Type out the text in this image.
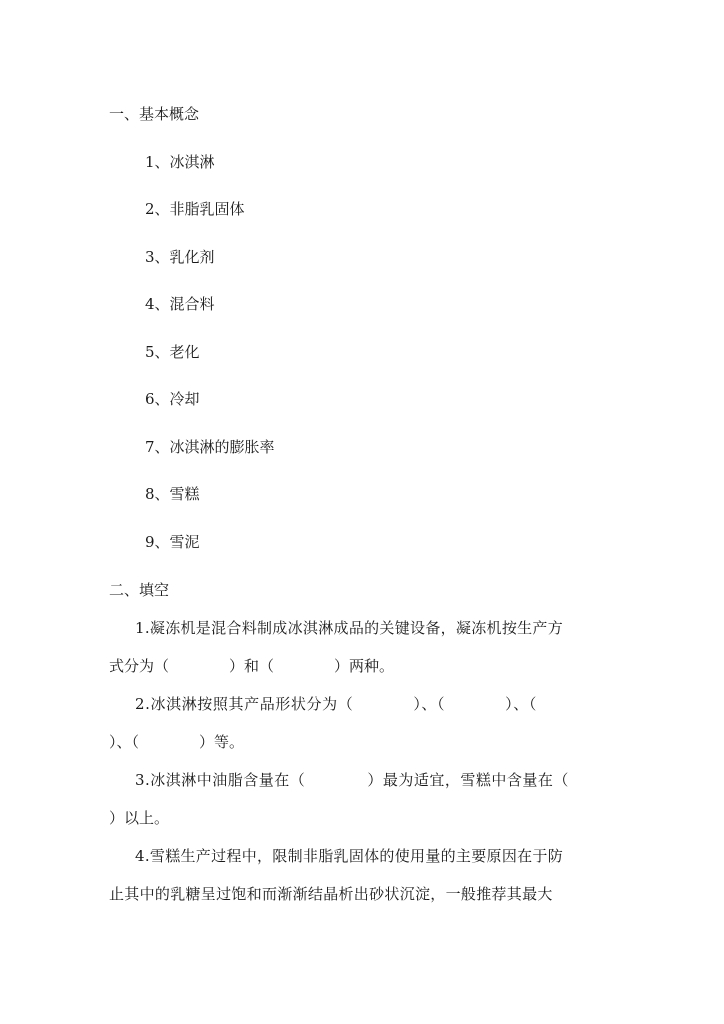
一、基本概念
1、冰淇淋
2、非脂乳固体
3、乳化剂
4、混合料
5、老化
6、冷却
7、冰淇淋的膨胀率
8、雪糕
9、雪泥
二、填空
1.凝冻机是混合料制成冰淇淋成品的关键设备，凝冻机按生产方
式分为（	）和（	）两种。
2.冰淇淋按照其产品形状分为（	）、（	）、（
）、（	）等。
3.冰淇淋中油脂含量在（	）最为适宜，雪糕中含量在（
）以上。
4.雪糕生产过程中，限制非脂乳固体的使用量的主要原因在于防
止其中的乳糖呈过饱和而渐渐结晶析出砂状沉淀，一般推荐其最大
